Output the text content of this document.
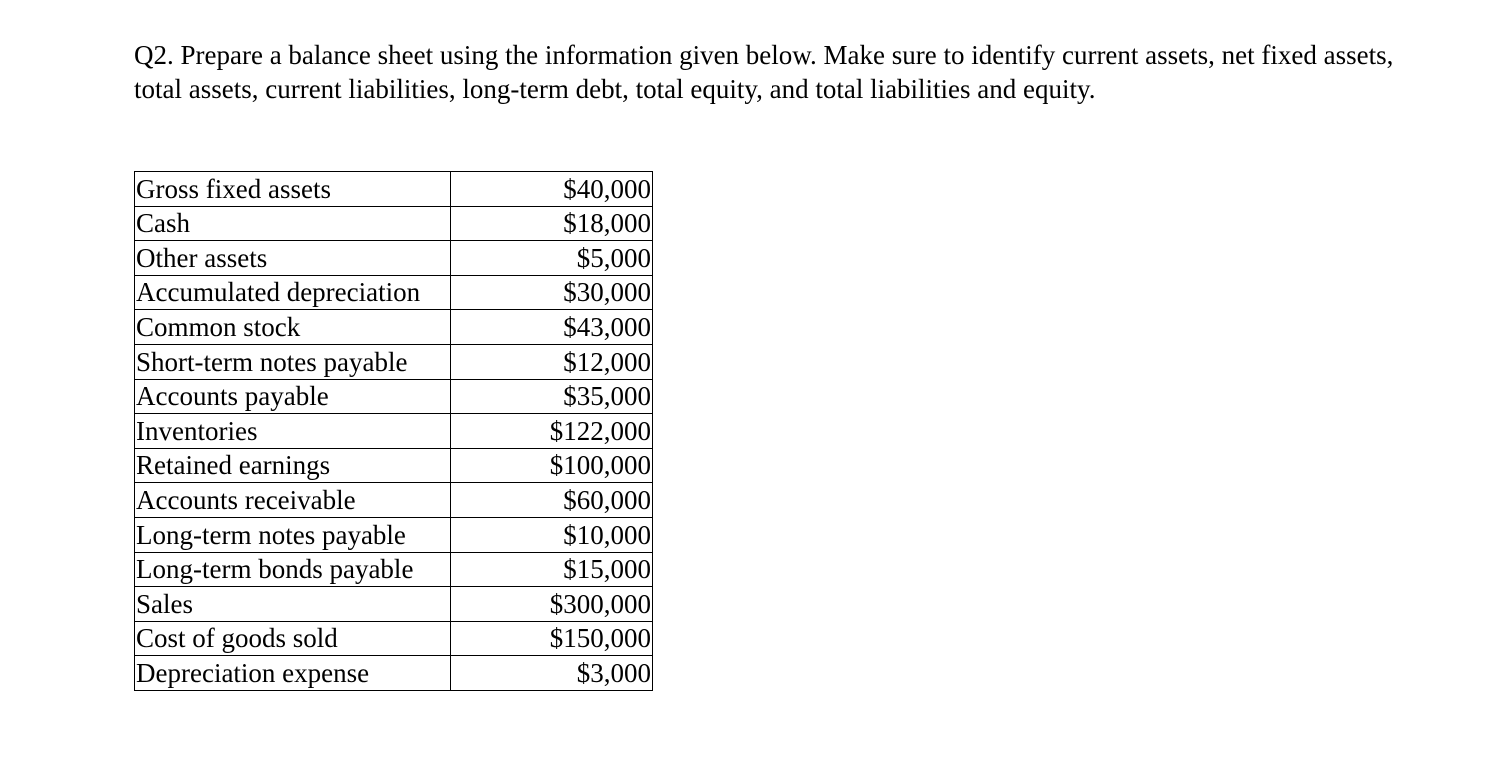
Q2. Prepare a balance sheet using the information given below. Make sure to identify current assets, net fixed assets, total assets, current liabilities, long-term debt, total equity, and total liabilities and equity.

Gross fixed assets	$40,000
Cash	$18,000
Other assets	$5,000
Accumulated depreciation	$30,000
Common stock	$43,000
Short-term notes payable	$12,000
Accounts payable	$35,000
Inventories	$122,000
Retained earnings	$100,000
Accounts receivable	$60,000
Long-term notes payable	$10,000
Long-term bonds payable	$15,000
Sales	$300,000
Cost of goods sold	$150,000
Depreciation expense	$3,000
